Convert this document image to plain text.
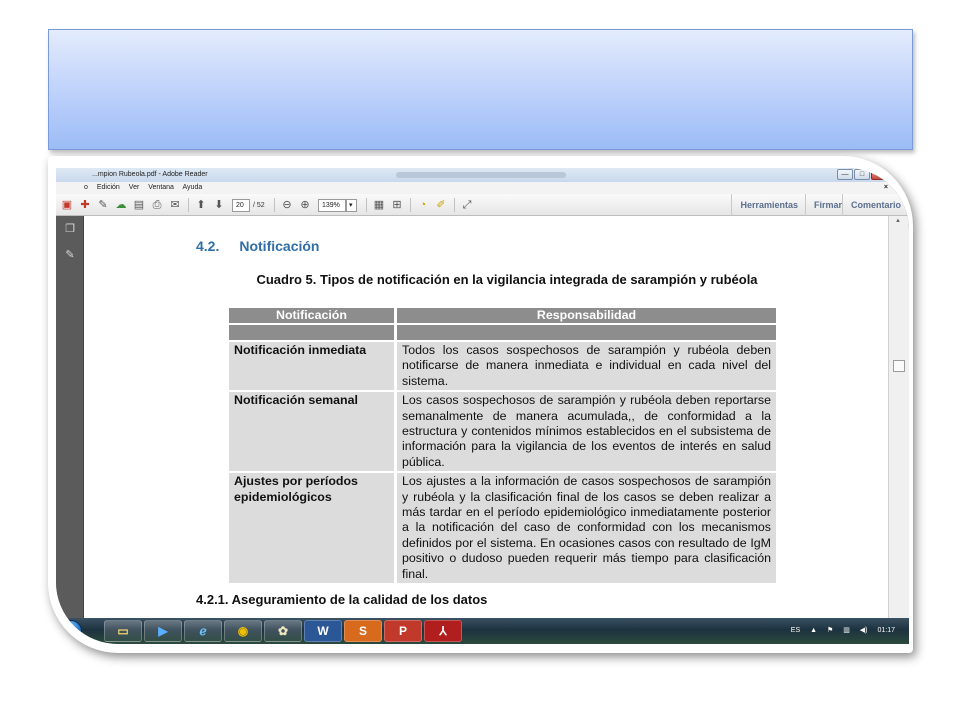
...mpion Rubeola.pdf - Adobe Reader	—	□	✕
o Edición Ver Ventana Ayuda	×
▣ ✚ ✎ ☁ ▤ ⎙ ✉ ⬆ ⬇	20	/ 52 ⊖ ⊕	139%	▾	▦ ⊞	◔ ✐ ⤢	Herramientas	Firmar Comentario
❐
✎
4.2. Notificación
Cuadro 5. Tipos de notificación en la vigilancia integrada de sarampión y rubéola
Notificación	Responsabilidad

Notificación inmediata	Todos los casos sospechosos de sarampión y rubéola deben notificarse de manera inmediata e individual en cada nivel del sistema.
Notificación semanal	Los casos sospechosos de sarampión y rubéola deben reportarse semanalmente de manera acumulada,, de conformidad a la estructura y contenidos mínimos establecidos en el subsistema de información para la vigilancia de los eventos de interés en salud pública.
Ajustes por períodos epidemiológicos	Los ajustes a la información de casos sospechosos de sarampión y rubéola y la clasificación final de los casos se deben realizar a más tardar en el período epidemiológico inmediatamente posterior a la notificación del caso de conformidad con los mecanismos definidos por el sistema. En ocasiones casos con resultado de IgM positivo o dudoso pueden requerir más tiempo para clasificación final.
4.2.1. Aseguramiento de la calidad de los datos
▲
▭	▶	ℯ	◉	✿	W	S	P	⅄	ES ▲ ⚑ ▥ ◀) 01:17
